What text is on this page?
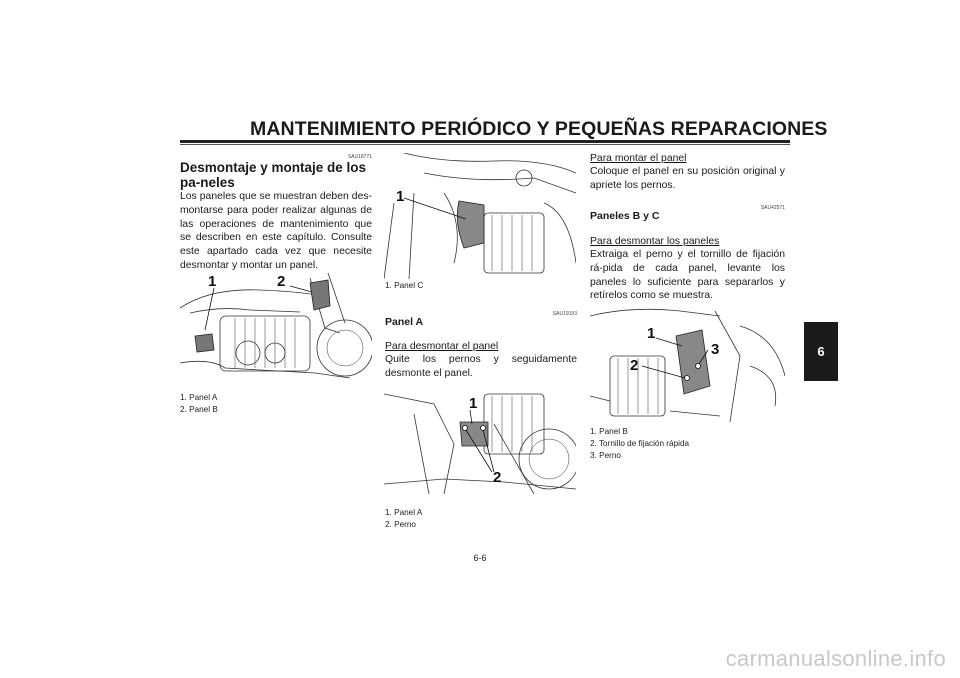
MANTENIMIENTO PERIÓDICO Y PEQUEÑAS REPARACIONES
6
SAU18771
Desmontaje y montaje de los pa-neles
Los paneles que se muestran deben des-montarse para poder realizar algunas de las operaciones de mantenimiento que se describen en este capítulo. Consulte este apartado cada vez que necesite desmontar y montar un panel.
1	2
1. Panel A
2. Panel B
1
1. Panel C
SAU19193
Panel A
Para desmontar el panel
Quite los pernos y seguidamente desmonte el panel.
1
2
1. Panel A
2. Perno
Para montar el panel
Coloque el panel en su posición original y apriete los pernos.
SAU42571
Paneles B y C
Para desmontar los paneles
Extraiga el perno y el tornillo de fijación rá-pida de cada panel, levante los paneles lo suficiente para separarlos y retírelos como se muestra.
1
2
3
1. Panel B
2. Tornillo de fijación rápida
3. Perno
6-6
carmanualsonline.info
